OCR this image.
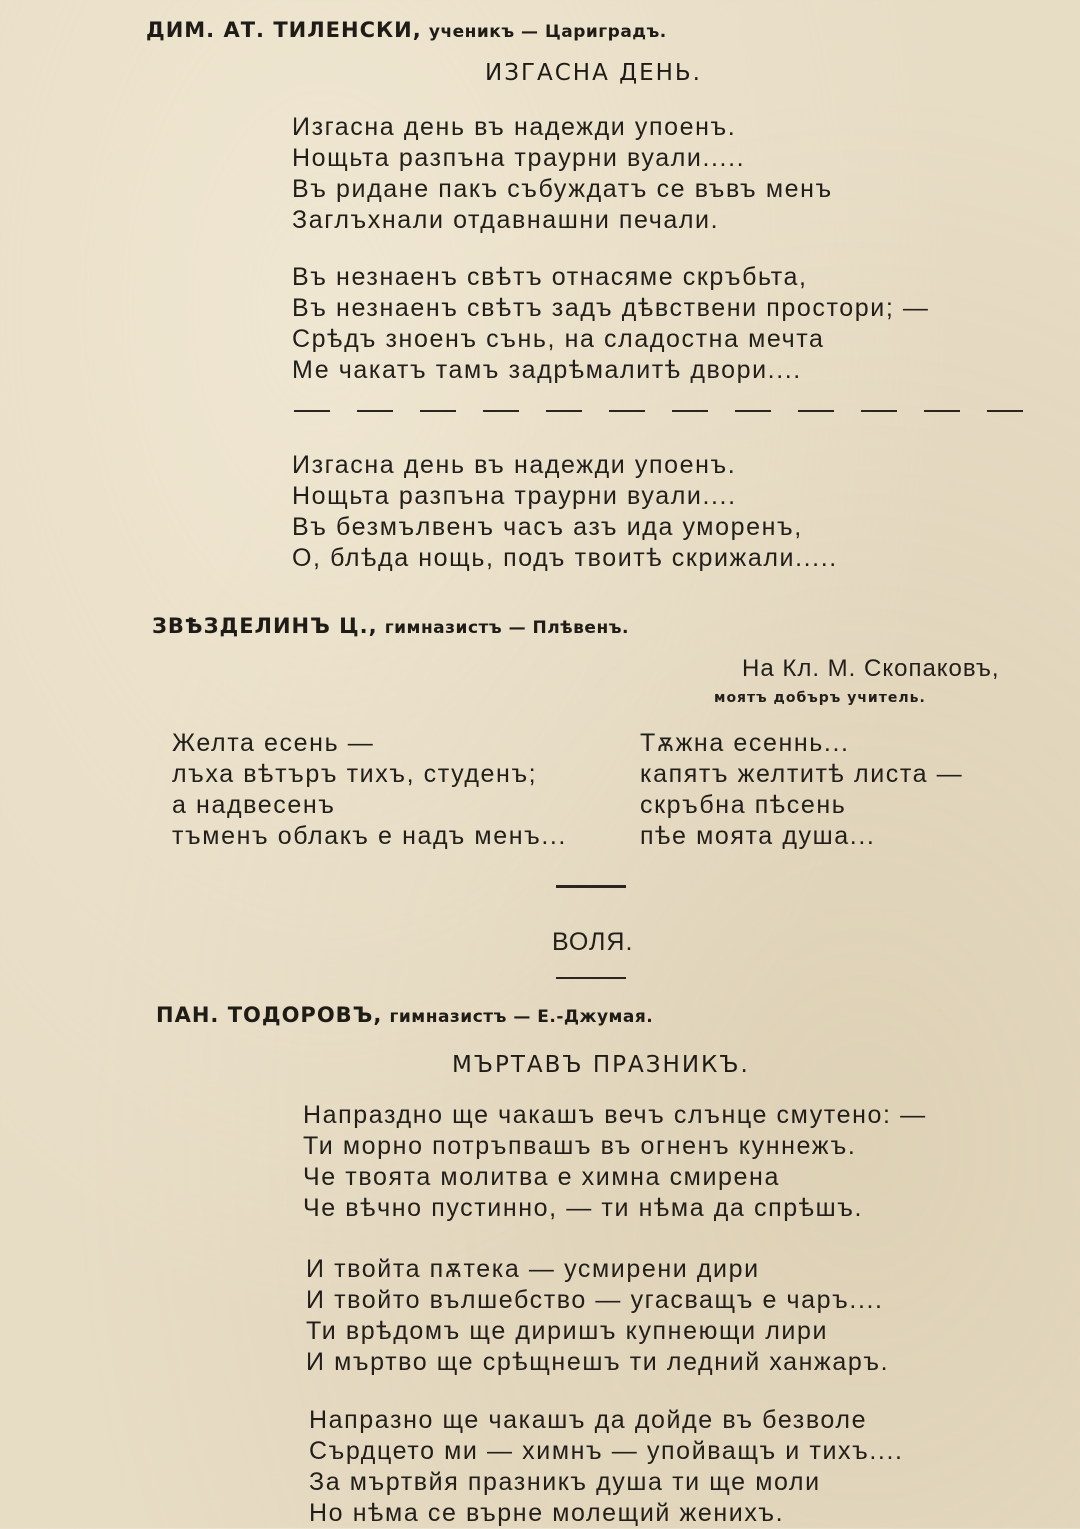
ДИМ. АТ. ТИЛЕНСКИ, ученикъ — Цариградъ.
ИЗГАСНА ДЕНЬ.
Изгасна день въ надежди упоенъ.
Нощьта разпъна траурни вуали.....
Въ ридане пакъ събуждатъ се въвъ менъ
Заглъхнали отдавнашни печали.
Въ незнаенъ свѣтъ отнасяме скръбьта,
Въ незнаенъ свѣтъ задъ дѣвствени простори; —
Срѣдъ зноенъ сънь, на сладостна мечта
Ме чакатъ тамъ задрѣмалитѣ двори....
Изгасна день въ надежди упоенъ.
Нощьта разпъна траурни вуали....
Въ безмълвенъ часъ азъ ида уморенъ,
О, блѣда нощь, подъ твоитѣ скрижали.....
ЗВѢЗДЕЛИНЪ Ц., гимназистъ — Плѣвенъ.
На Кл. М. Скопаковъ,
моятъ добъръ учитель.
Желта есень —
лъха вѣтъръ тихъ, студенъ;
а надвесенъ
тъменъ облакъ е надъ менъ...
Тѫжна есеннь...
капятъ желтитѣ листа —
скръбна пѣсень
пѣе моята душа...
ВОЛЯ.
ПАН. ТОДОРОВЪ, гимназистъ — Е.-Джумая.
МЪРТАВЪ ПРАЗНИКЪ.
Напраздно ще чакашъ вечъ слънце смутено: —
Ти морно потръпвашъ въ огненъ куннежъ.
Че твоята молитва е химна смирена
Че вѣчно пустинно, — ти нѣма да спрѣшъ.
И твойта пѫтека — усмирени дири
И твойто вълшебство — угасващъ е чаръ....
Ти врѣдомъ ще диришъ купнеющи лири
И мъртво ще срѣщнешъ ти ледний ханжаръ.
Напразно ще чакашъ да дойде въ безволе
Сърдцето ми — химнъ — упойващъ и тихъ....
За мъртвйя празникъ душа ти ще моли
Но нѣма се върне молещий женихъ.
